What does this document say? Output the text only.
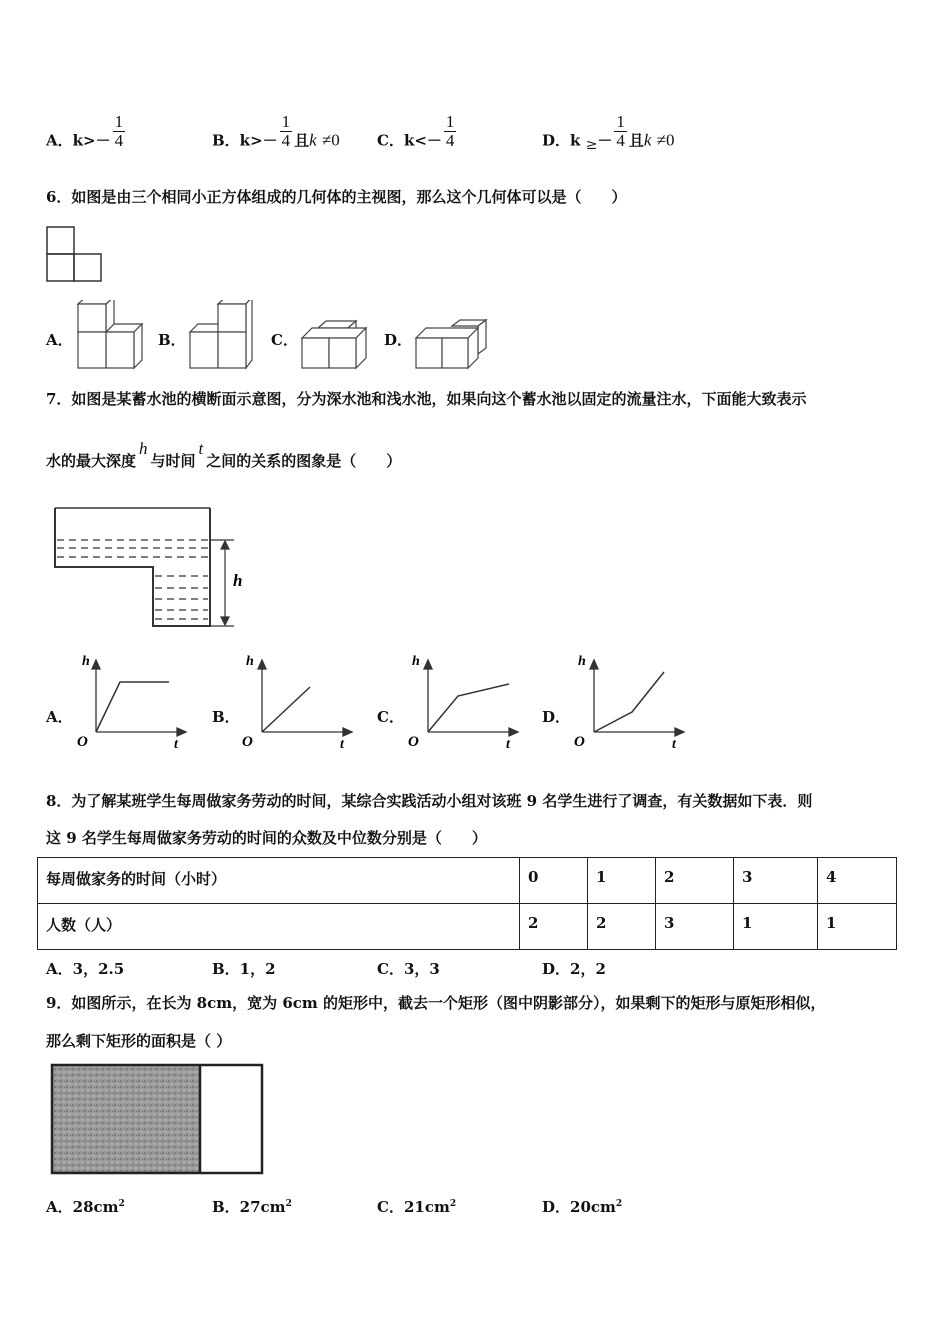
A．$k>- \frac{1}{4}$	B．$k>- \frac{1}{4}$ 且k ≠0 C．$k<- \frac{1}{4}$	D．$k \ge- \frac{1}{4}$ 且k ≠0
6．如图是由三个相同小正方体组成的几何体的主视图，那么这个几何体可以是（　　）
A．	B．	C．	D．
7．如图是某蓄水池的横断面示意图，分为深水池和浅水池，如果向这个蓄水池以固定的流量注水，下面能大致表示
水的最大深度h与时间t之间的关系的图象是（　　）
h
A．	B．	C．	D．
h
O	t
h
O	t
h
O	t
h
O	t
8．为了解某班学生每周做家务劳动的时间，某综合实践活动小组对该班 9 名学生进行了调查，有关数据如下表．则
这 9 名学生每周做家务劳动的时间的众数及中位数分别是（　　）
每周做家务的时间（小时）	0	1	2	3	4
人数（人）	2	2	3	1	1
A．3，2.5	B．1，2	C．3，3	D．2，2
9．如图所示，在长为 8cm，宽为 6cm 的矩形中，截去一个矩形（图中阴影部分），如果剩下的矩形与原矩形相似，
那么剩下矩形的面积是（ ）
A．$28cm^2$	B．$27cm^2$	C．$21cm^2$	D．$20cm^2$
